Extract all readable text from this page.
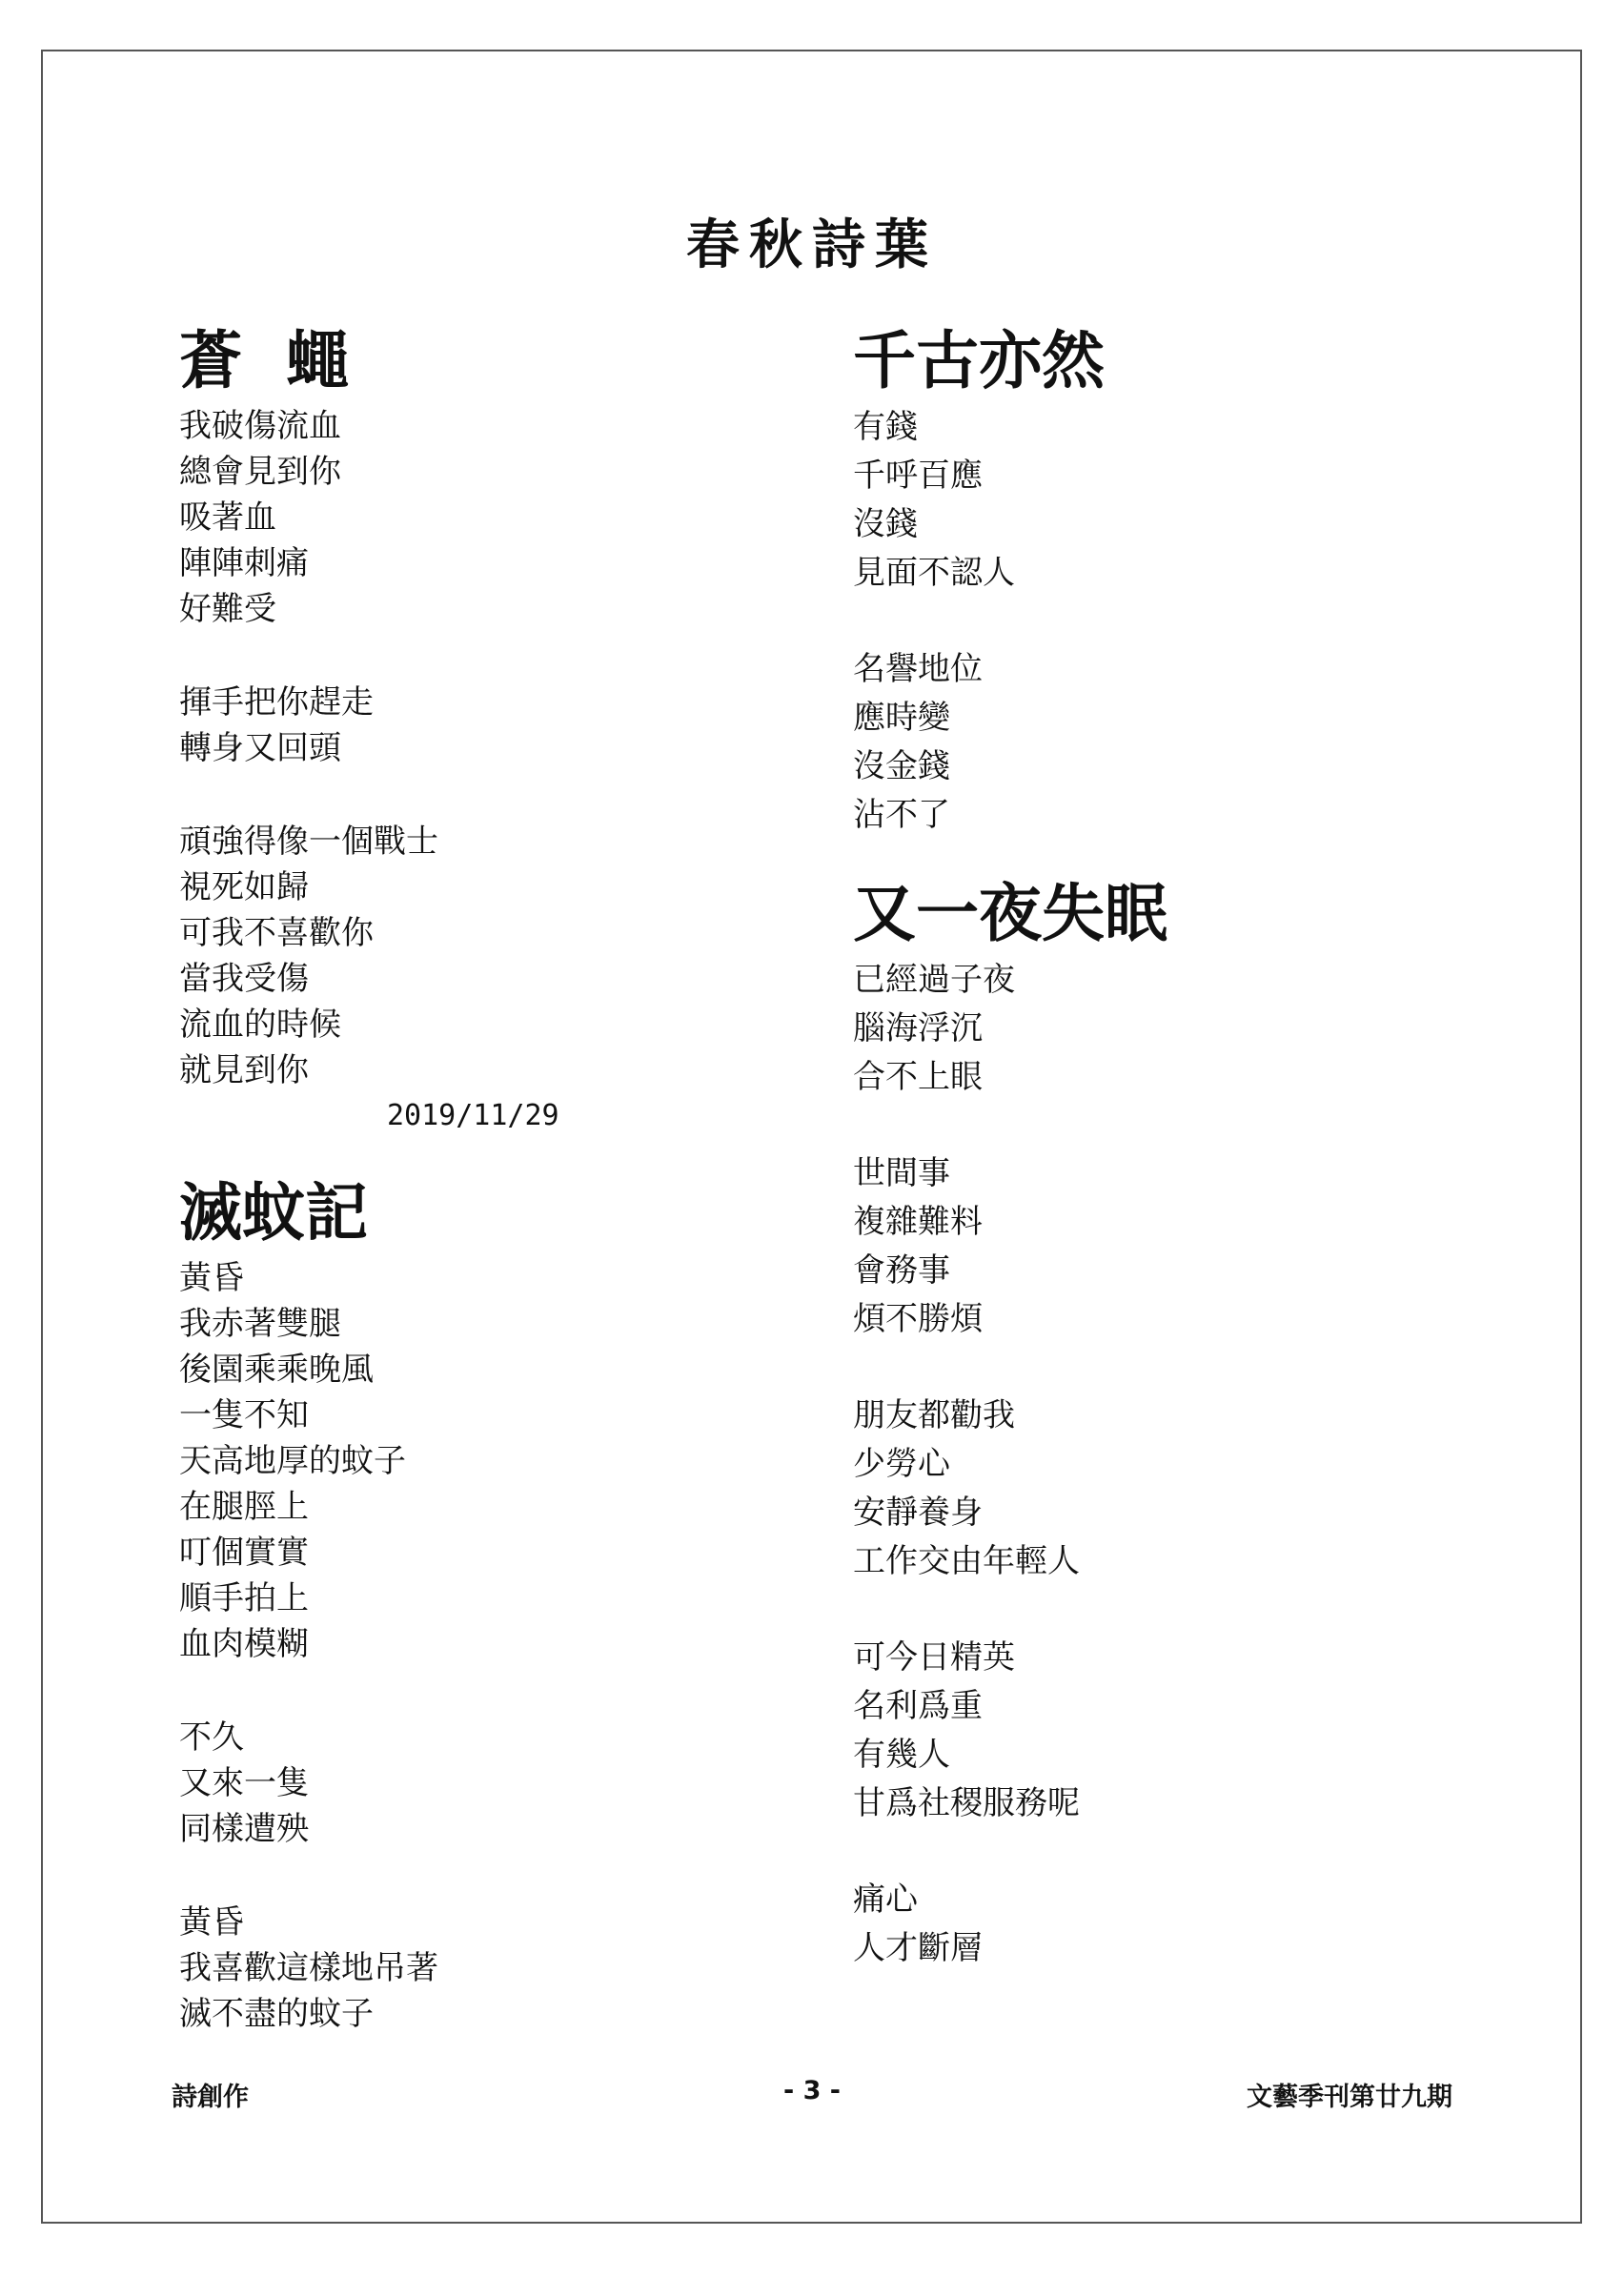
春秋詩葉
蒼  蠅
我破傷流血
總會見到你
吸著血
陣陣刺痛
好難受
揮手把你趕走
轉身又回頭
頑強得像一個戰士
視死如歸
可我不喜歡你
當我受傷
流血的時候
就見到你
2019/11/29
滅蚊記
黃昏
我赤著雙腿
後園乘乘晚風
一隻不知
天高地厚的蚊子
在腿脛上
叮個實實
順手拍上
血肉模糊
不久
又來一隻
同樣遭殃
黃昏
我喜歡這樣地吊著
滅不盡的蚊子
千古亦然
有錢
千呼百應
沒錢
見面不認人
名譽地位
應時變
沒金錢
沾不了
又一夜失眠
已經過子夜
腦海浮沉
合不上眼
世間事
複雜難料
會務事
煩不勝煩
朋友都勸我
少勞心
安靜養身
工作交由年輕人
可今日精英
名利爲重
有幾人
甘爲社稷服務呢
痛心
人才斷層
詩創作	- 3 -	文藝季刊第廿九期
